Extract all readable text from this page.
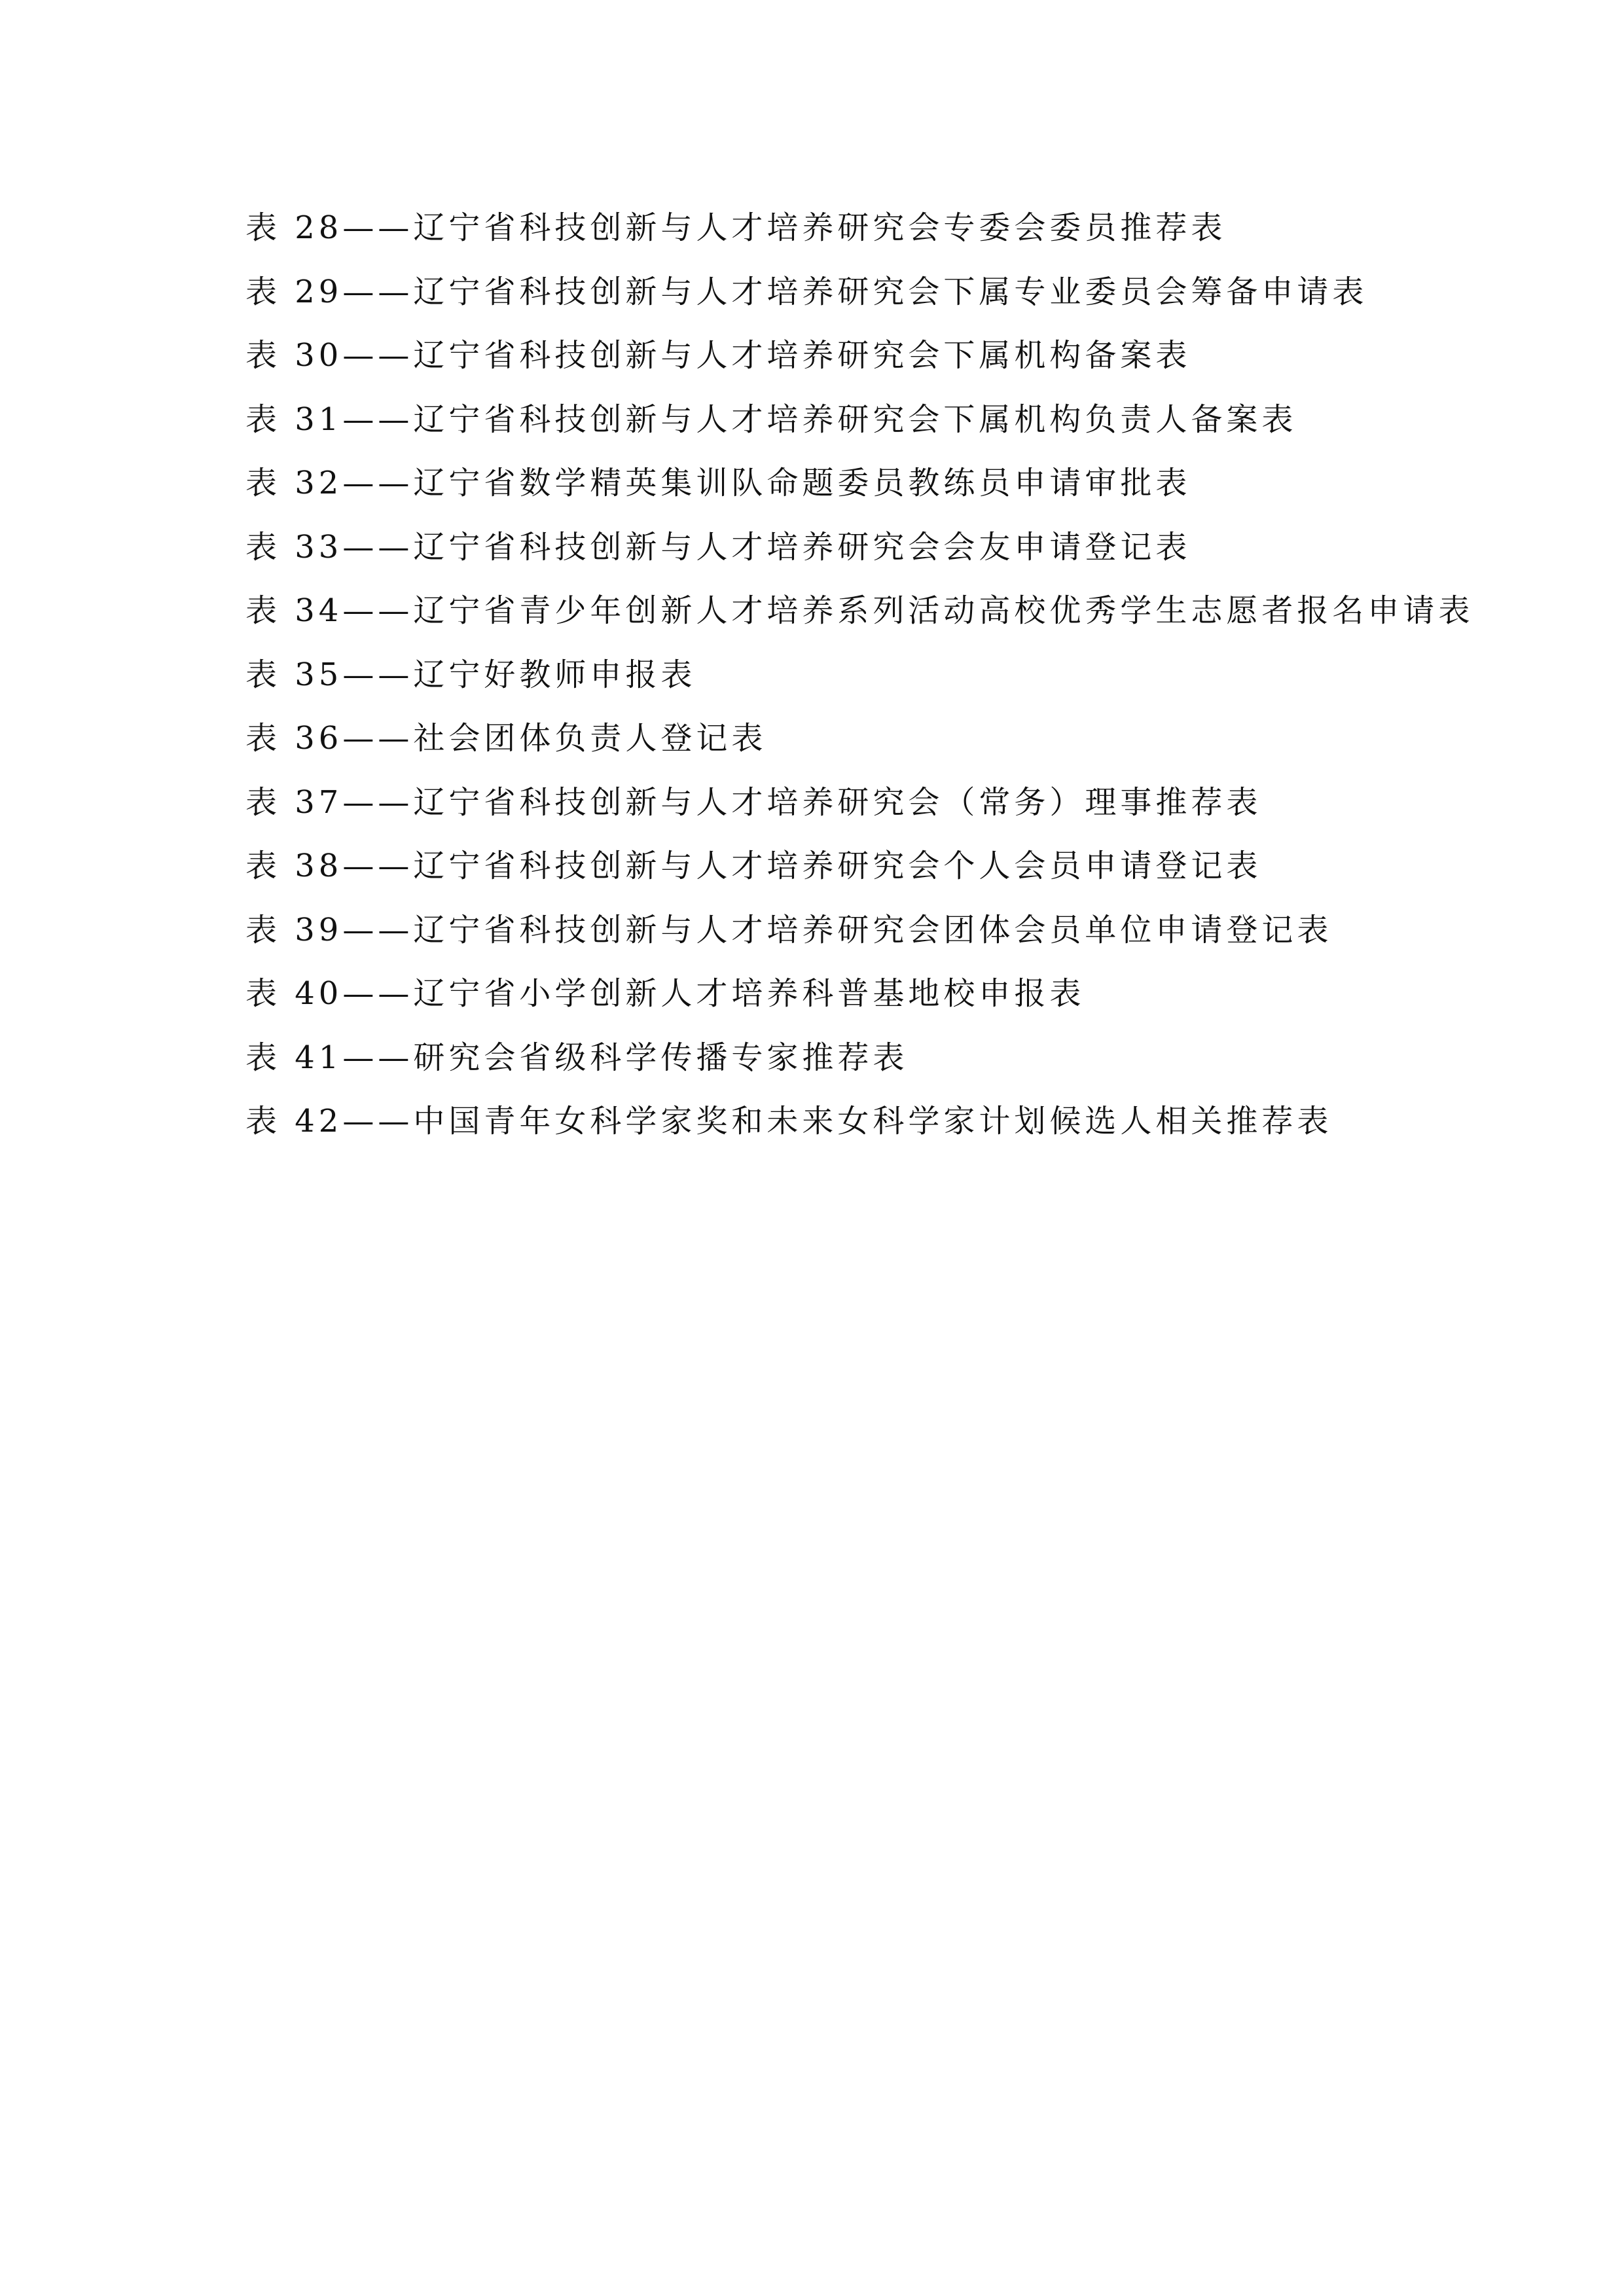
表 28——辽宁省科技创新与人才培养研究会专委会委员推荐表
表 29——辽宁省科技创新与人才培养研究会下属专业委员会筹备申请表
表 30——辽宁省科技创新与人才培养研究会下属机构备案表
表 31——辽宁省科技创新与人才培养研究会下属机构负责人备案表
表 32——辽宁省数学精英集训队命题委员教练员申请审批表
表 33——辽宁省科技创新与人才培养研究会会友申请登记表
表 34——辽宁省青少年创新人才培养系列活动高校优秀学生志愿者报名申请表
表 35——辽宁好教师申报表
表 36——社会团体负责人登记表
表 37——辽宁省科技创新与人才培养研究会（常务）理事推荐表
表 38——辽宁省科技创新与人才培养研究会个人会员申请登记表
表 39——辽宁省科技创新与人才培养研究会团体会员单位申请登记表
表 40——辽宁省小学创新人才培养科普基地校申报表
表 41——研究会省级科学传播专家推荐表
表 42——中国青年女科学家奖和未来女科学家计划候选人相关推荐表
